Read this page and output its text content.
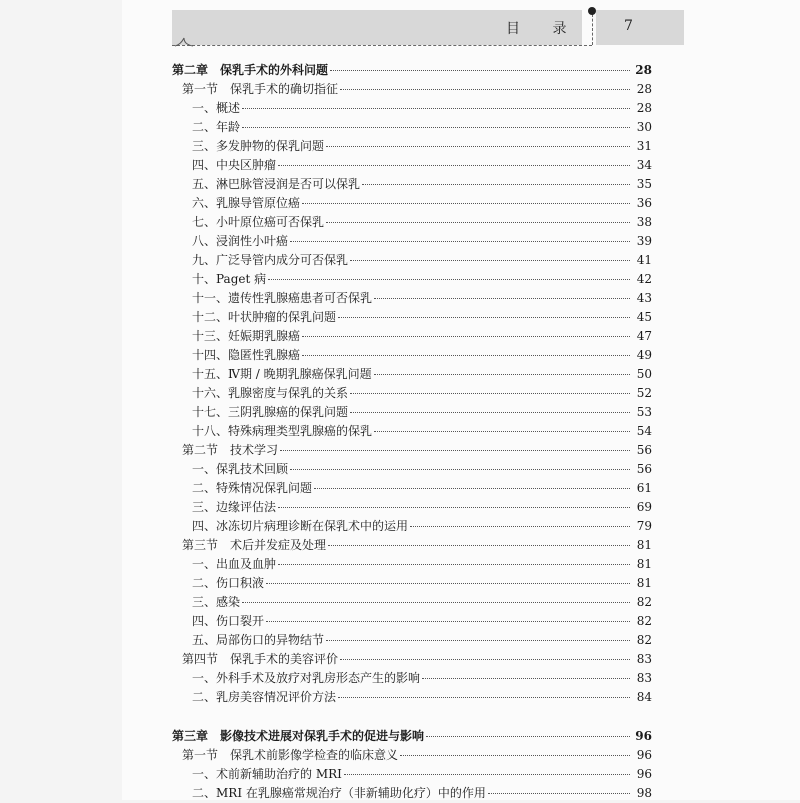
目 录	7
第二章　保乳手术的外科问题	28
第一节　保乳手术的确切指征	28
一、概述	28
二、年龄	30
三、多发肿物的保乳问题	31
四、中央区肿瘤	34
五、淋巴脉管浸润是否可以保乳	35
六、乳腺导管原位癌	36
七、小叶原位癌可否保乳	38
八、浸润性小叶癌	39
九、广泛导管内成分可否保乳	41
十、Paget 病	42
十一、遗传性乳腺癌患者可否保乳	43
十二、叶状肿瘤的保乳问题	45
十三、妊娠期乳腺癌	47
十四、隐匿性乳腺癌	49
十五、Ⅳ期 / 晚期乳腺癌保乳问题	50
十六、乳腺密度与保乳的关系	52
十七、三阴乳腺癌的保乳问题	53
十八、特殊病理类型乳腺癌的保乳	54
第二节　技术学习	56
一、保乳技术回顾	56
二、特殊情况保乳问题	61
三、边缘评估法	69
四、冰冻切片病理诊断在保乳术中的运用	79
第三节　术后并发症及处理	81
一、出血及血肿	81
二、伤口积液	81
三、感染	82
四、伤口裂开	82
五、局部伤口的异物结节	82
第四节　保乳手术的美容评价	83
一、外科手术及放疗对乳房形态产生的影响	83
二、乳房美容情况评价方法	84
第三章　影像技术进展对保乳手术的促进与影响	96
第一节　保乳术前影像学检查的临床意义	96
一、术前新辅助治疗的 MRI	96
二、MRI 在乳腺癌常规治疗（非新辅助化疗）中的作用	98
